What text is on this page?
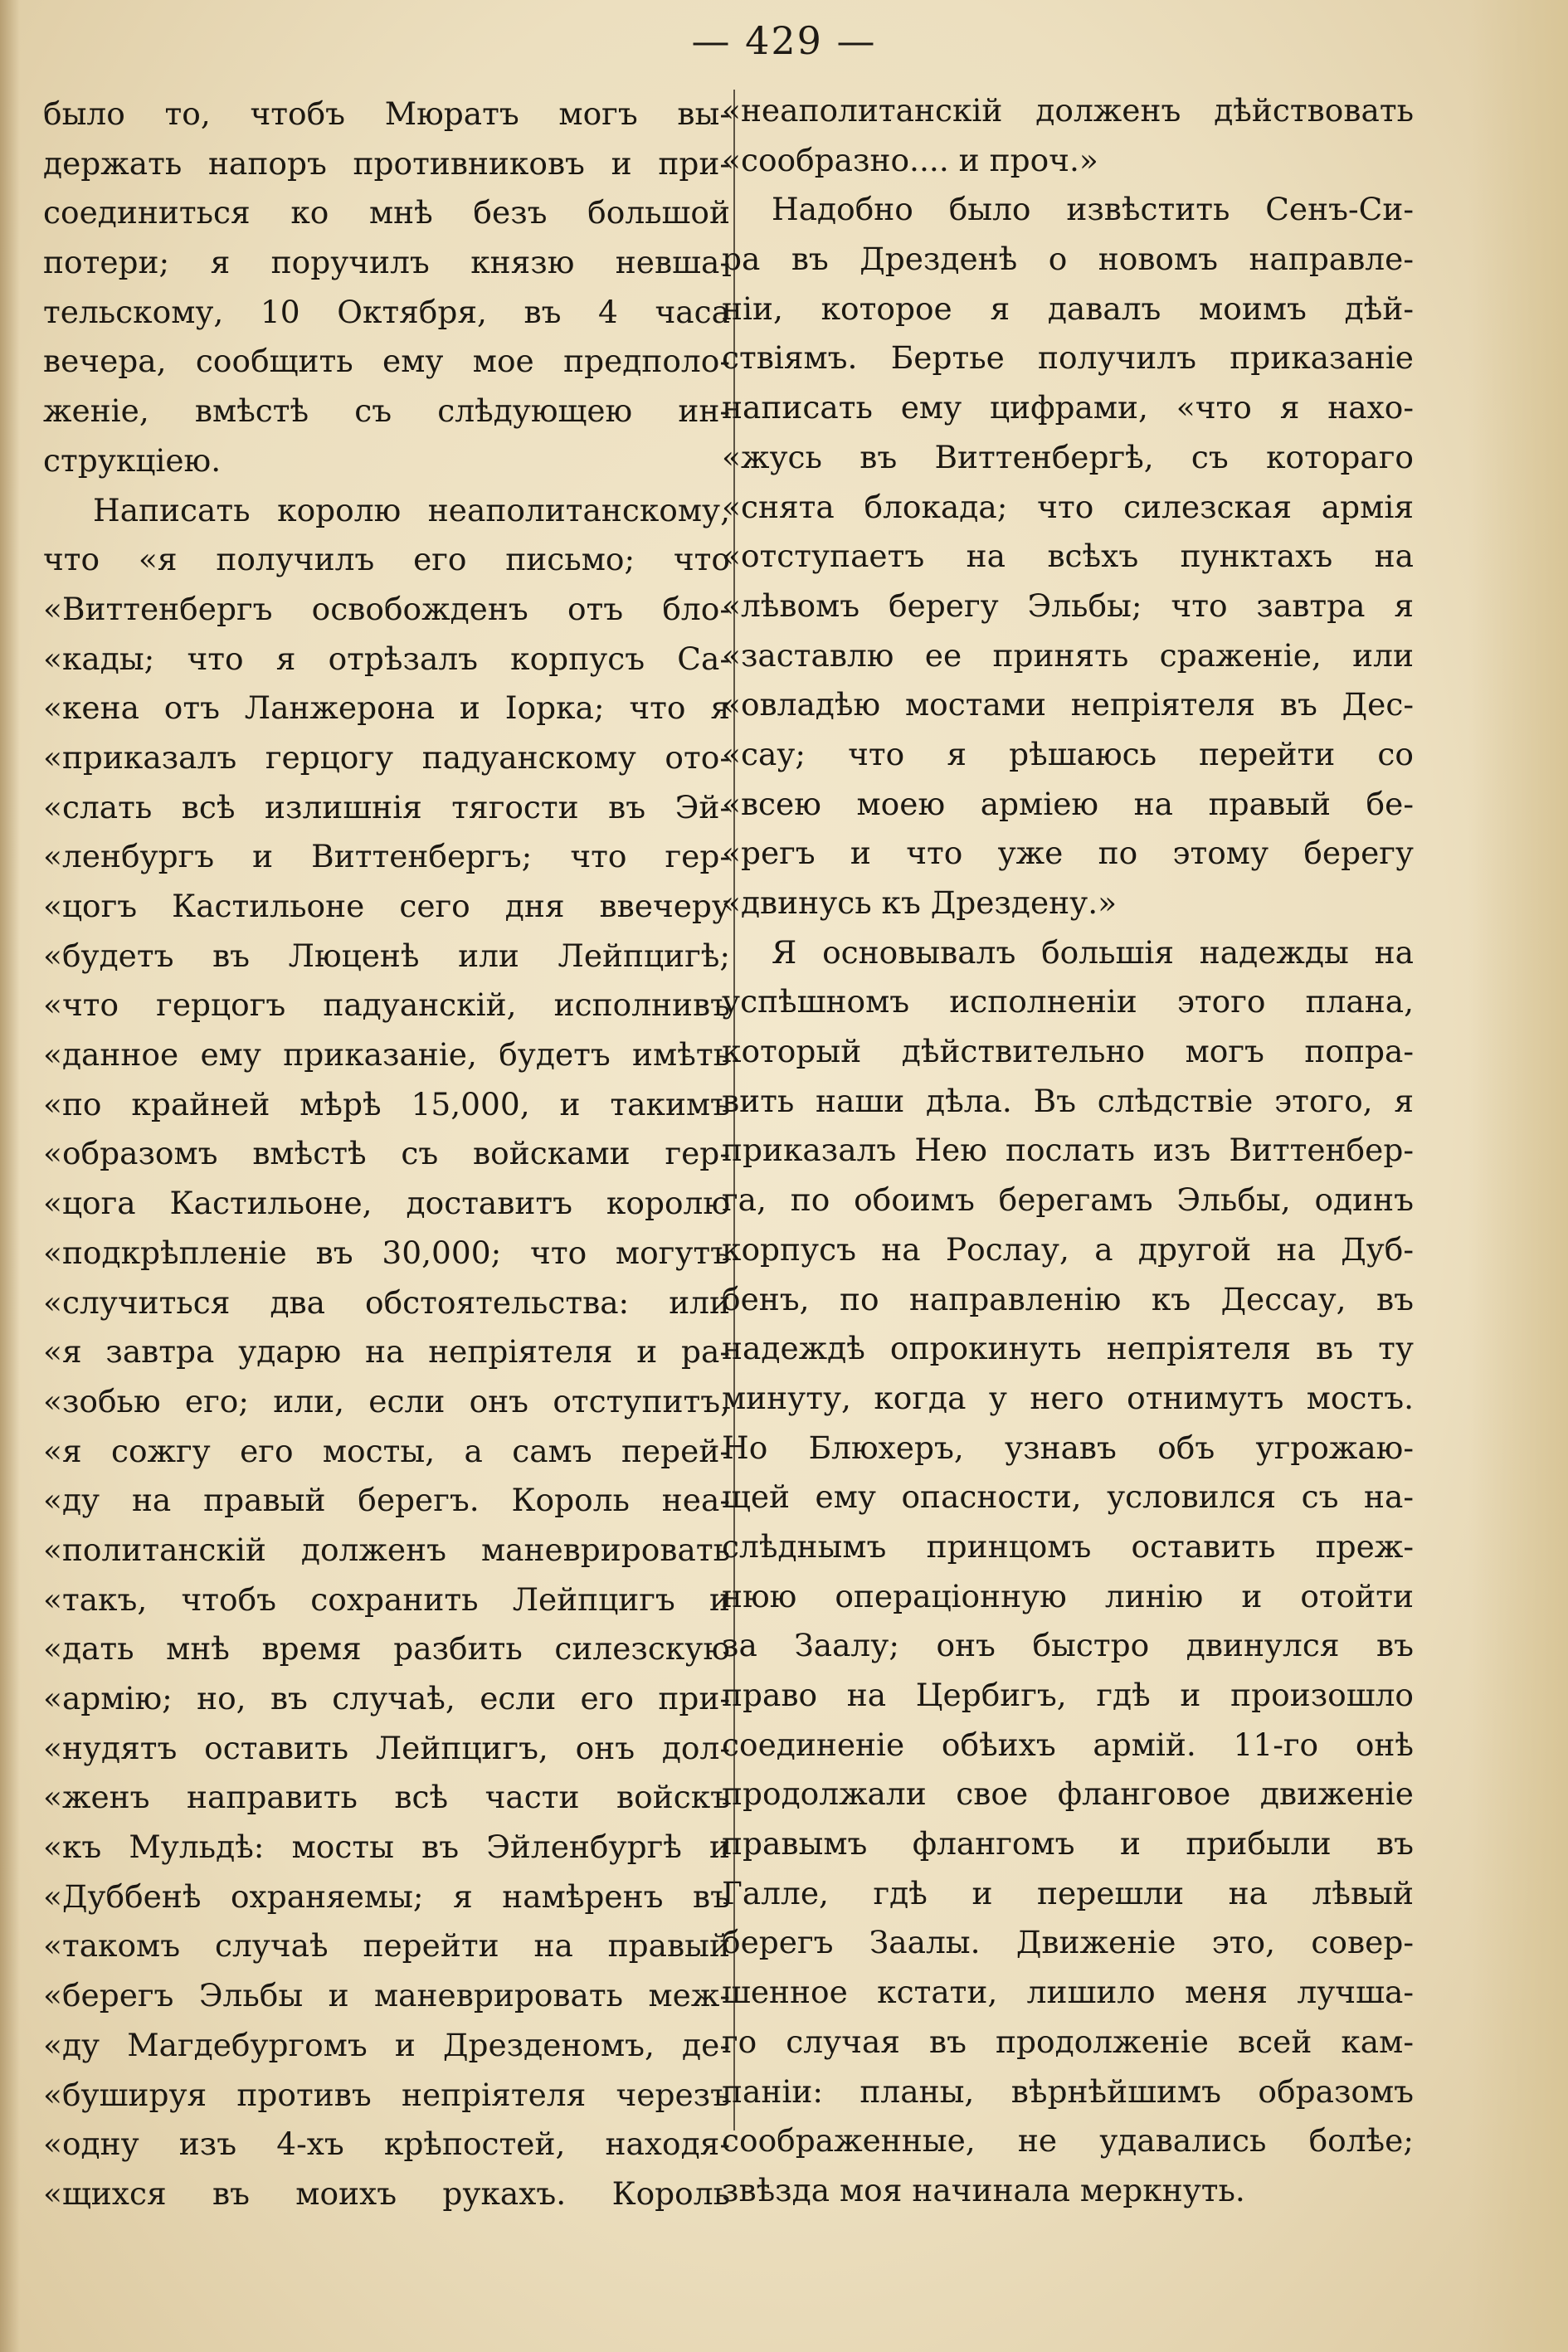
— 429 —
было то, чтобъ Мюратъ могъ вы-
держать напоръ противниковъ и при-
соединиться ко мнѣ безъ большой
потери; я поручилъ князю невша-
тельскому, 10 Октября, въ 4 часа
вечера, сообщить ему мое предполо-
женіе, вмѣстѣ съ слѣдующею ин-
струкціею.
Написать королю неаполитанскому,
что «я получилъ его письмо; что
«Виттенбергъ освобожденъ отъ бло-
«кады; что я отрѣзалъ корпусъ Са-
«кена отъ Ланжерона и Іорка; что я
«приказалъ герцогу падуанскому ото-
«слать всѣ излишнія тягости въ Эй-
«ленбургъ и Виттенбергъ; что гер-
«цогъ Кастильоне сего дня ввечеру
«будетъ въ Люценѣ или Лейпцигѣ;
«что герцогъ падуанскій, исполнивъ
«данное ему приказаніе, будетъ имѣть
«по крайней мѣрѣ 15,000, и такимъ
«образомъ вмѣстѣ съ войсками гер-
«цога Кастильоне, доставитъ королю
«подкрѣпленіе въ 30,000; что могутъ
«случиться два обстоятельства: или
«я завтра ударю на непріятеля и ра-
«зобью его; или, если онъ отступитъ,
«я сожгу его мосты, а самъ перей-
«ду на правый берегъ. Король неа-
«политанскій долженъ маневрировать
«такъ, чтобъ сохранить Лейпцигъ и
«дать мнѣ время разбить силезскую
«армію; но, въ случаѣ, если его при-
«нудятъ оставить Лейпцигъ, онъ дол-
«женъ направить всѣ части войскъ
«къ Мульдѣ: мосты въ Эйленбургѣ и
«Дуббенѣ охраняемы; я намѣренъ въ
«такомъ случаѣ перейти на правый
«берегъ Эльбы и маневрировать меж-
«ду Магдебургомъ и Дрезденомъ, де-
«бушируя противъ непріятеля черезъ
«одну изъ 4-хъ крѣпостей, находя-
«щихся въ моихъ рукахъ. Король
«неаполитанскій долженъ дѣйствовать
«сообразно.... и проч.»
Надобно было извѣстить Сенъ-Си-
ра въ Дрезденѣ о новомъ направле-
ніи, которое я давалъ моимъ дѣй-
ствіямъ. Бертье получилъ приказаніе
написать ему цифрами, «что я нахо-
«жусь въ Виттенбергѣ, съ котораго
«снята блокада; что силезская армія
«отступаетъ на всѣхъ пунктахъ на
«лѣвомъ берегу Эльбы; что завтра я
«заставлю ее принять сраженіе, или
«овладѣю мостами непріятеля въ Дес-
«сау; что я рѣшаюсь перейти со
«всею моею арміею на правый бе-
«регъ и что уже по этому берегу
«двинусь къ Дрездену.»
Я основывалъ большія надежды на
успѣшномъ исполненіи этого плана,
который дѣйствительно могъ попра-
вить наши дѣла. Въ слѣдствіе этого, я
приказалъ Нею послать изъ Виттенбер-
га, по обоимъ берегамъ Эльбы, одинъ
корпусъ на Рослау, а другой на Дуб-
бенъ, по направленію къ Дессау, въ
надеждѣ опрокинуть непріятеля въ ту
минуту, когда у него отнимутъ мостъ.
Но Блюхеръ, узнавъ объ угрожаю-
щей ему опасности, условился съ на-
слѣднымъ принцомъ оставить преж-
нюю операціонную линію и отойти
за Заалу; онъ быстро двинулся въ
право на Цербигъ, гдѣ и произошло
соединеніе обѣихъ армій. 11-го онѣ
продолжали свое фланговое движеніе
правымъ флангомъ и прибыли въ
Галле, гдѣ и перешли на лѣвый
берегъ Заалы. Движеніе это, совер-
шенное кстати, лишило меня лучша-
го случая въ продолженіе всей кам-
паніи: планы, вѣрнѣйшимъ образомъ
соображенные, не удавались болѣе;
звѣзда моя начинала меркнуть.
